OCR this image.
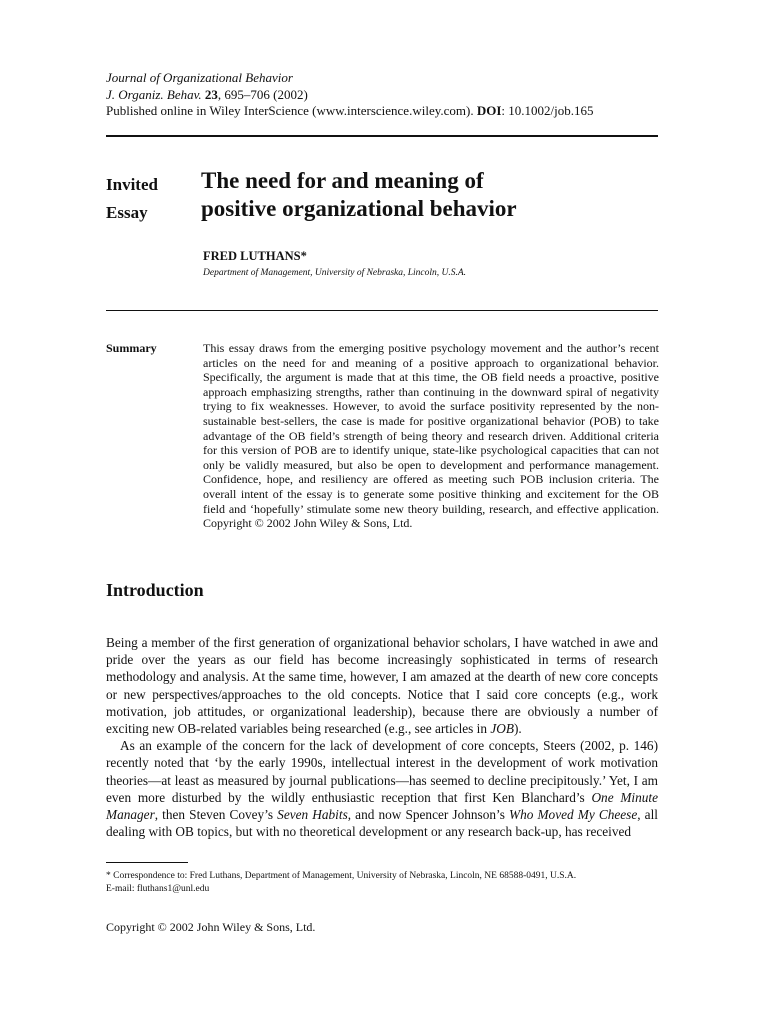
Journal of Organizational Behavior
J. Organiz. Behav. 23, 695–706 (2002)
Published online in Wiley InterScience (www.interscience.wiley.com). DOI: 10.1002/job.165
Invited
Essay
The need for and meaning of
positive organizational behavior
FRED LUTHANS*
Department of Management, University of Nebraska, Lincoln, U.S.A.
Summary	This essay draws from the emerging positive psychology movement and the author’s recent articles on the need for and meaning of a positive approach to organizational behavior. Specifically, the argument is made that at this time, the OB field needs a proactive, positive approach emphasizing strengths, rather than continuing in the downward spiral of negativity trying to fix weaknesses. However, to avoid the surface positivity represented by the non-sustainable best-sellers, the case is made for positive organizational behavior (POB) to take advantage of the OB field’s strength of being theory and research driven. Additional criteria for this version of POB are to identify unique, state-like psychological capacities that can not only be validly measured, but also be open to development and performance management. Confidence, hope, and resiliency are offered as meeting such POB inclusion criteria. The overall intent of the essay is to generate some positive thinking and excitement for the OB field and ‘hopefully’ stimulate some new theory building, research, and effective application. Copyright © 2002 John Wiley & Sons, Ltd.
Introduction

Being a member of the first generation of organizational behavior scholars, I have watched in awe and pride over the years as our field has become increasingly sophisticated in terms of research methodology and analysis. At the same time, however, I am amazed at the dearth of new core concepts or new perspectives/approaches to the old concepts. Notice that I said core concepts (e.g., work motivation, job attitudes, or organizational leadership), because there are obviously a number of exciting new OB-related variables being researched (e.g., see articles in JOB).

As an example of the concern for the lack of development of core concepts, Steers (2002, p. 146) recently noted that ‘by the early 1990s, intellectual interest in the development of work motivation theories—at least as measured by journal publications—has seemed to decline precipitously.’ Yet, I am even more disturbed by the wildly enthusiastic reception that first Ken Blanchard’s One Minute Manager, then Steven Covey’s Seven Habits, and now Spencer Johnson’s Who Moved My Cheese, all dealing with OB topics, but with no theoretical development or any research back-up, has received

* Correspondence to: Fred Luthans, Department of Management, University of Nebraska, Lincoln, NE 68588-0491, U.S.A.
E-mail: fluthans1@unl.edu
Copyright © 2002 John Wiley & Sons, Ltd.
